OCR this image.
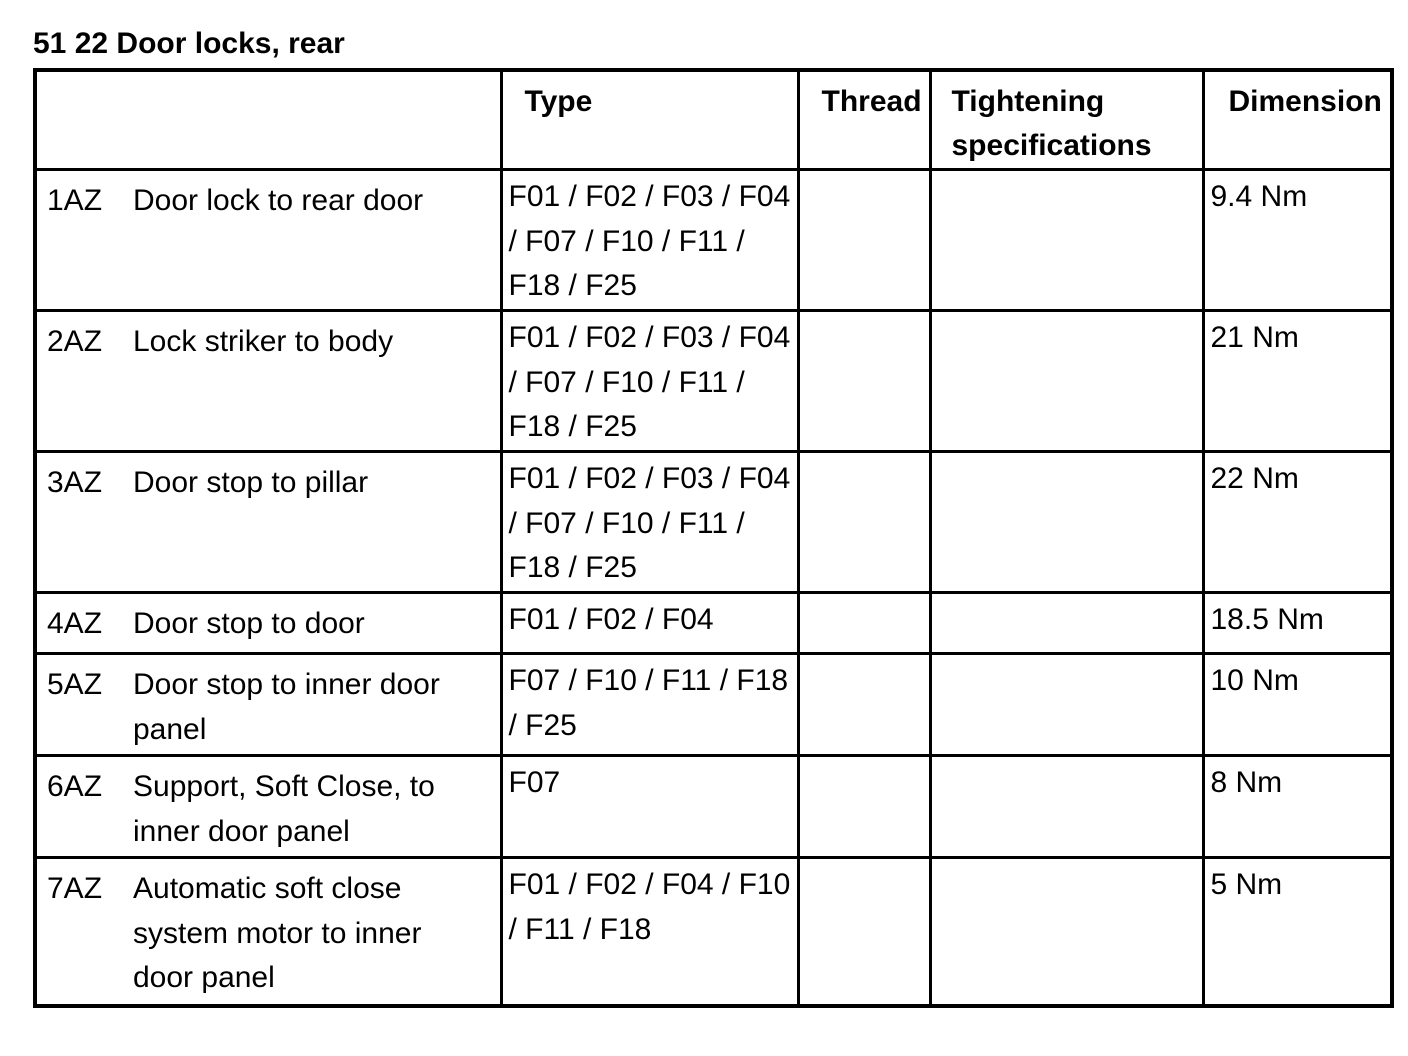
51 22 Door locks, rear

	Type	Thread	Tightening specifications	Dimension

1AZ Door lock to rear door	F01 / F02 / F03 / F04 / F07 / F10 / F11 / F18 / F25			9.4 Nm

2AZ Lock striker to body	F01 / F02 / F03 / F04 / F07 / F10 / F11 / F18 / F25			21 Nm

3AZ Door stop to pillar	F01 / F02 / F03 / F04 / F07 / F10 / F11 / F18 / F25			22 Nm

4AZ Door stop to door	F01 / F02 / F04			18.5 Nm

5AZ Door stop to inner door panel	F07 / F10 / F11 / F18 / F25			10 Nm

6AZ Support, Soft Close, to inner door panel	F07			8 Nm

7AZ Automatic soft close system motor to inner door panel	F01 / F02 / F04 / F10 / F11 / F18			5 Nm
